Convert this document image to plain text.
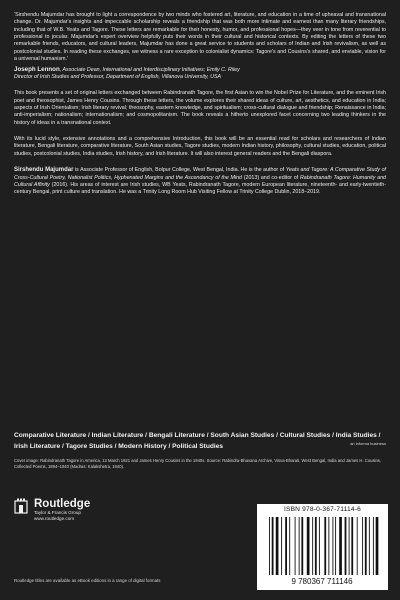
‘Sirshendu Majumdar has brought to light a correspondence by two minds who fostered art, literature, and education in a time of upheaval and transnational change. Dr. Majumdar's insights and impeccable scholarship reveals a friendship that was both more intimate and earnest than many literary friendships, including that of W.B. Yeats and Tagore. These letters are remarkable for their honesty, humor, and professional hopes—they veer in tone from reverential to professional to jocular. Majumdar's expert overview helpfully puts their words in their cultural and historical contexts. By editing the letters of these two remarkable friends, educators, and cultural leaders, Majumdar has done a great service to students and scholars of Indian and Irish revivalism, as well as postcolonial studies. In reading these exchanges, we witness a rare exception to colonialist dynamics: Tagore's and Cousins's shared, and enviable, vision for a universal humanism.’

Joseph Lennon, Associate Dean, International and Interdisciplinary Initiatives; Emily C. Riley
Director of Irish Studies and Professor, Department of English, Villanova University, USA

This book presents a set of original letters exchanged between Rabindranath Tagore, the first Asian to win the Nobel Prize for Literature, and the eminent Irish poet and theosophist, James Henry Cousins. Through these letters, the volume explores their shared ideas of culture, art, aesthetics, and education in India; aspects of Irish Orientalism; Irish literary revival; theosophy, eastern knowledge, and spiritualism; cross-cultural dialogue and friendship; Renaissance in India; anti-imperialism; nationalism; internationalism; and cosmopolitanism. The book reveals a hitherto unexplored facet concerning two leading thinkers in the history of ideas in a transnational context.

With its lucid style, extensive annotations and a comprehensive Introduction, this book will be an essential read for scholars and researchers of Indian literature, Bengali literature, comparative literature, South Asian studies, Tagore studies, modern Indian history, philosophy, cultural studies, education, political studies, postcolonial studies, India studies, Irish history, and Irish literature. It will also interest general readers and the Bengali diaspora.

Sirshendu Majumdar is Associate Professor of English, Bolpur College, West Bengal, India. He is the author of Yeats and Tagore: A Comparative Study of Cross-Cultural Poetry, Nationalist Politics, Hyphenated Margins and the Ascendancy of the Mind (2013) and co-editor of Rabindranath Tagore: Humanity and Cultural Affinity (2016). His areas of interest are Irish studies, WB Yeats, Rabindranath Tagore, modern European literature, nineteenth- and early-twentieth-century Bengal, print culture and translation. He was a Trinity Long Room Hub Visiting Fellow at Trinity College Dublin, 2018–2019.

Comparative Literature / Indian Literature / Bengali Literature / South Asian Studies / Cultural Studies / India Studies / Irish Literature / Tagore Studies / Modern History / Political Studies	an informa business
Cover image: Rabindranath Tagore in America, 13 March 1921 and James Henry Cousins in the 1940s. Source: Rabindra-Bhavana Archive, Visva-Bharati, West Bengal, India and James H. Cousins, Collected Poems, 1894–1940 (Madras: Kalakshetra, 1940).
Routledge
Taylor & Francis Group
www.routledge.com
ISBN 978-0-367-71114-6
9 780367 711146
Routledge titles are available as eBook editions in a range of digital formats
